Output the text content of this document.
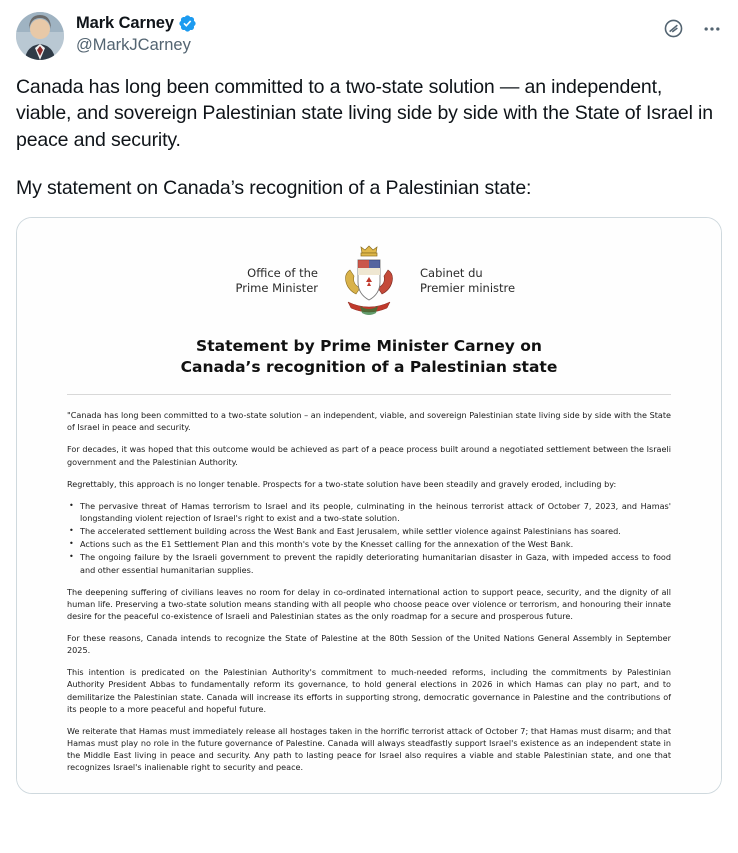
Mark Carney
@MarkJCarney

Canada has long been committed to a two-state solution — an independent, viable, and sovereign Palestinian state living side by side with the State of Israel in peace and security.

My statement on Canada’s recognition of a Palestinian state:

Office of the
Prime Minister
Cabinet du
Premier ministre
Statement by Prime Minister Carney on
Canada’s recognition of a Palestinian state

"Canada has long been committed to a two-state solution – an independent, viable, and sovereign Palestinian state living side by side with the State of Israel in peace and security.

For decades, it was hoped that this outcome would be achieved as part of a peace process built around a negotiated settlement between the Israeli government and the Palestinian Authority.

Regrettably, this approach is no longer tenable. Prospects for a two-state solution have been steadily and gravely eroded, including by:

• The pervasive threat of Hamas terrorism to Israel and its people, culminating in the heinous terrorist attack of October 7, 2023, and Hamas' longstanding violent rejection of Israel's right to exist and a two-state solution.
• The accelerated settlement building across the West Bank and East Jerusalem, while settler violence against Palestinians has soared.
• Actions such as the E1 Settlement Plan and this month's vote by the Knesset calling for the annexation of the West Bank.
• The ongoing failure by the Israeli government to prevent the rapidly deteriorating humanitarian disaster in Gaza, with impeded access to food and other essential humanitarian supplies.

The deepening suffering of civilians leaves no room for delay in co-ordinated international action to support peace, security, and the dignity of all human life. Preserving a two-state solution means standing with all people who choose peace over violence or terrorism, and honouring their innate desire for the peaceful co-existence of Israeli and Palestinian states as the only roadmap for a secure and prosperous future.

For these reasons, Canada intends to recognize the State of Palestine at the 80th Session of the United Nations General Assembly in September 2025.

This intention is predicated on the Palestinian Authority's commitment to much-needed reforms, including the commitments by Palestinian Authority President Abbas to fundamentally reform its governance, to hold general elections in 2026 in which Hamas can play no part, and to demilitarize the Palestinian state. Canada will increase its efforts in supporting strong, democratic governance in Palestine and the contributions of its people to a more peaceful and hopeful future.

We reiterate that Hamas must immediately release all hostages taken in the horrific terrorist attack of October 7; that Hamas must disarm; and that Hamas must play no role in the future governance of Palestine. Canada will always steadfastly support Israel's existence as an independent state in the Middle East living in peace and security. Any path to lasting peace for Israel also requires a viable and stable Palestinian state, and one that recognizes Israel's inalienable right to security and peace.
